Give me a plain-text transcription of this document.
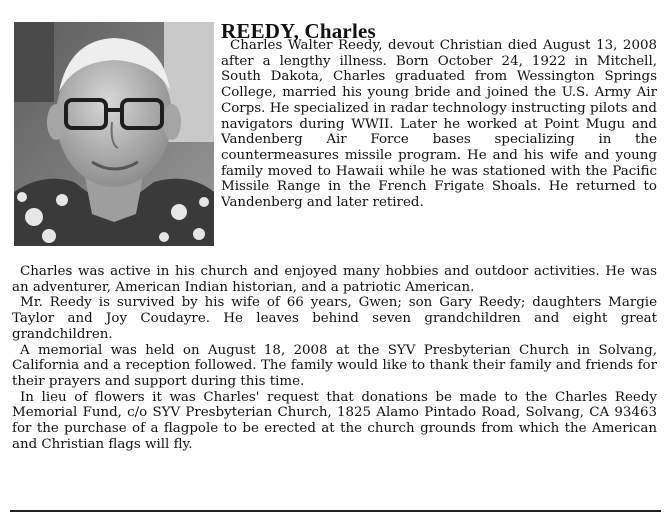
REEDY, Charles

Charles Walter Reedy, devout Christian died August 13, 2008 after a lengthy illness. Born October 24, 1922 in Mitchell, South Dakota, Charles graduated from Wessington Springs College, married his young bride and joined the U.S. Army Air Corps. He specialized in radar technology instructing pilots and navigators during WWII. Later he worked at Point Mugu and Vandenberg Air Force bases specializing in the countermeasures missile program. He and his wife and young family moved to Hawaii while he was stationed with the Pacific Missile Range in the French Frigate Shoals. He returned to Vandenberg and later retired.

Charles was active in his church and enjoyed many hobbies and outdoor activities. He was an adventurer, American Indian historian, and a patriotic American.

Mr. Reedy is survived by his wife of 66 years, Gwen; son Gary Reedy; daughters Margie Taylor and Joy Coudayre. He leaves behind seven grandchildren and eight great grandchildren.

A memorial was held on August 18, 2008 at the SYV Presbyterian Church in Solvang, California and a reception followed. The family would like to thank their family and friends for their prayers and support during this time.

In lieu of flowers it was Charles' request that donations be made to the Charles Reedy Memorial Fund, c/o SYV Presbyterian Church, 1825 Alamo Pintado Road, Solvang, CA 93463 for the purchase of a flagpole to be erected at the church grounds from which the American and Christian flags will fly.
